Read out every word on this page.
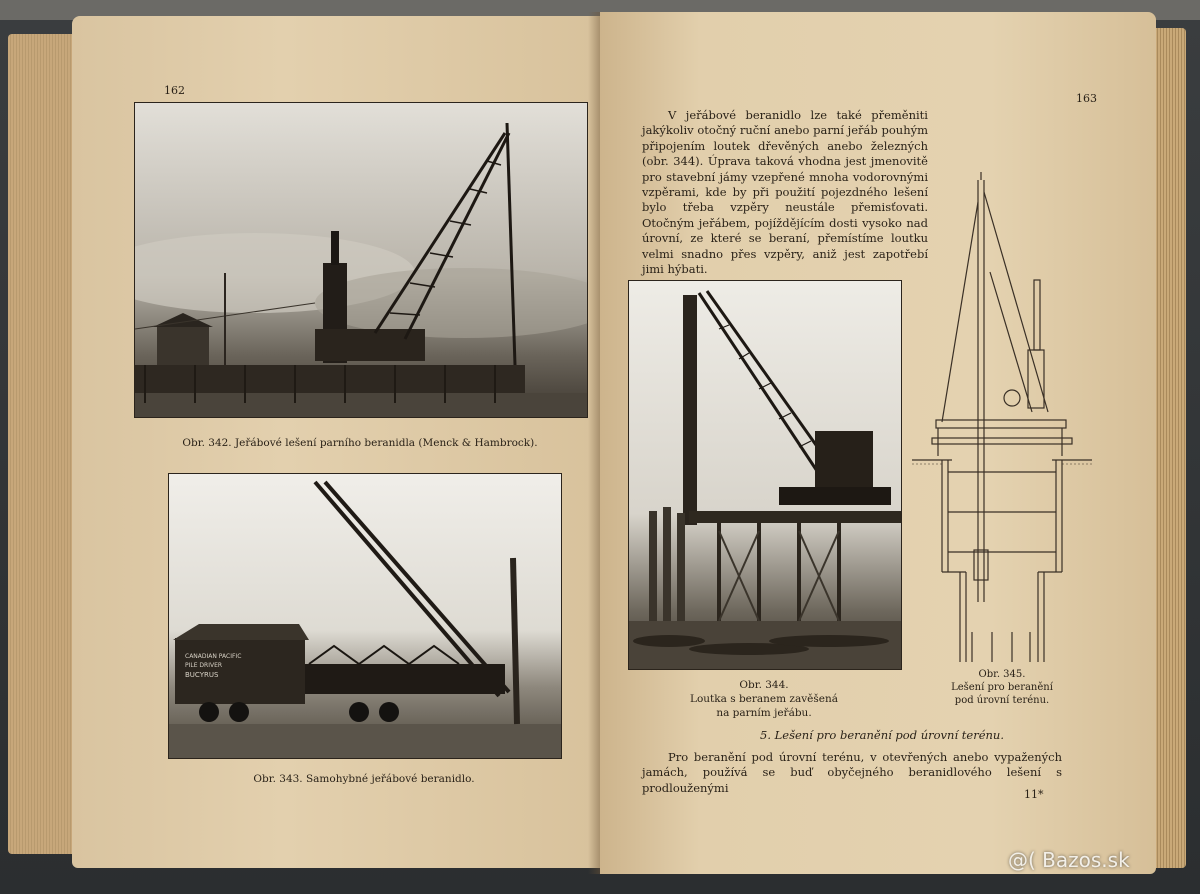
162
Obr. 342. Jeřábové lešení parního beranidla (Menck & Hambrock).
CANADIAN PACIFIC
PILE DRIVER
BUCYRUS
Obr. 343. Samohybné jeřábové beranidlo.
163

V jeřábové beranidlo lze také přeměniti jakýkoliv otočný ruční anebo parní jeřáb pouhým připojením loutek dřevěných anebo železných (obr. 344). Úprava taková vhodna jest jmenovitě pro stavební jámy vzepřené mnoha vodorovnými vzpěrami, kde by při použití pojezdného lešení bylo třeba vzpěry neustále přemisťovati. Otočným jeřábem, pojíždějícím dosti vysoko nad úrovní, ze které se beraní, přemístíme loutku velmi snadno přes vzpěry, aniž jest zapotřebí jimi hýbati.

Obr. 344.
Loutka s beranem zavěšená
na parním jeřábu.
Obr. 345.
Lešení pro beranění
pod úrovní terénu.
5. Lešení pro beranění pod úrovní terénu.

Pro beranění pod úrovní terénu, v otevřených anebo vypažených jamách, používá se buď obyčejného beranidlového lešení s prodlouženými	11*
@( Bazos.sk
